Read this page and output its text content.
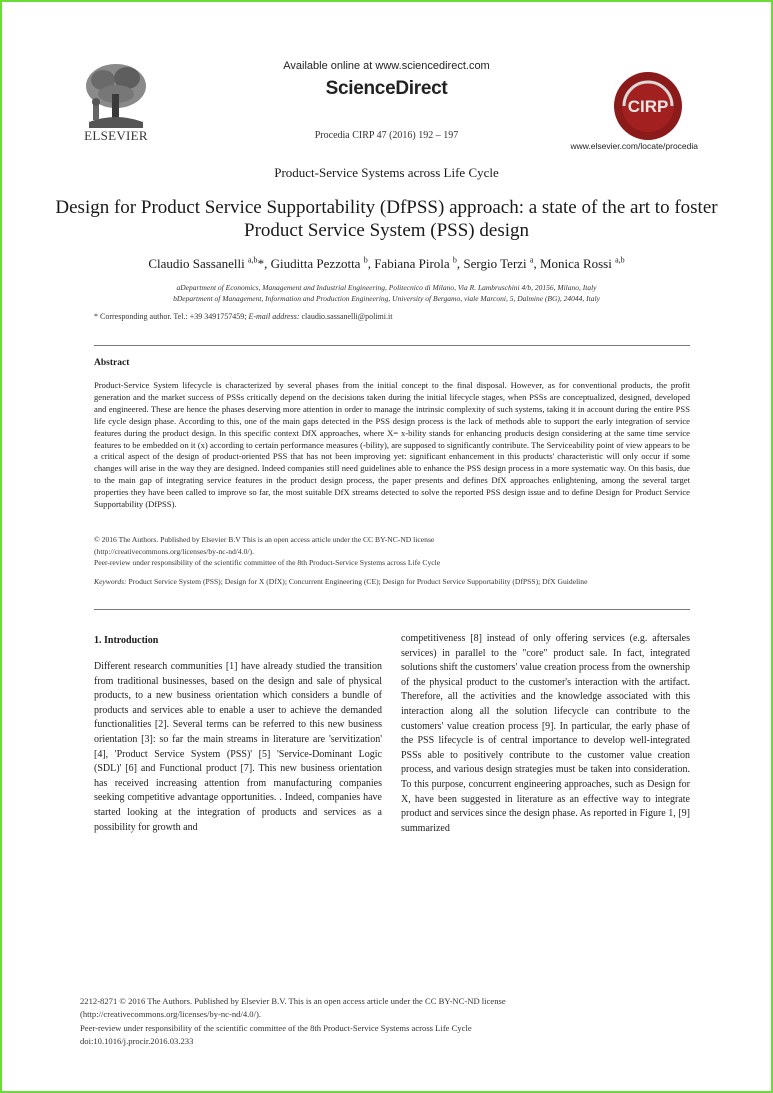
ELSEVIER
Available online at www.sciencedirect.com
ScienceDirect
Procedia CIRP 47 (2016) 192 – 197
CIRP
www.elsevier.com/locate/procedia
Product-Service Systems across Life Cycle
Design for Product Service Supportability (DfPSS) approach: a state of the art to foster Product Service System (PSS) design
Claudio Sassanelli $^{a,b}$*, Giuditta Pezzotta $^b$, Fabiana Pirola $^b$, Sergio Terzi $^a$, Monica Rossi $^{a,b}$
aDepartment of Economics, Management and Industrial Engineering, Politecnico di Milano, Via R. Lambruschini 4/b, 20156, Milano, Italy
bDepartment of Management, Information and Production Engineering, University of Bergamo, viale Marconi, 5, Dalmine (BG), 24044, Italy
* Corresponding author. Tel.: +39 3491757459; E-mail address: claudio.sassanelli@polimi.it
Abstract
Product-Service System lifecycle is characterized by several phases from the initial concept to the final disposal. However, as for conventional products, the profit generation and the market success of PSSs critically depend on the decisions taken during the initial lifecycle stages, when PSSs are conceptualized, designed, developed and engineered. These are hence the phases deserving more attention in order to manage the intrinsic complexity of such systems, taking it in account during the entire PSS life cycle design phase. According to this, one of the main gaps detected in the PSS design process is the lack of methods able to support the early integration of service features during the product design. In this specific context DfX approaches, where X= x-bility stands for enhancing products design considering at the same time service features to be embedded on it (x) according to certain performance measures (-bility), are supposed to significantly contribute. The Serviceability point of view appears to be a critical aspect of the design of product-oriented PSS that has not been improving yet: significant enhancement in this products' characteristic will only occur if some changes will arise in the way they are designed. Indeed companies still need guidelines able to enhance the PSS design process in a more systematic way. On this basis, due to the main gap of integrating service features in the product design process, the paper presents and defines DfX approaches enlightening, among the several target properties they have been called to improve so far, the most suitable DfX streams detected to solve the reported PSS design issue and to define Design for Product Service Supportability (DfPSS).
© 2016 The Authors. Published by Elsevier B.V This is an open access article under the CC BY-NC-ND license
(http://creativecommons.org/licenses/by-nc-nd/4.0/).
Peer-review under responsibility of the scientific committee of the 8th Product-Service Systems across Life Cycle
Keywords: Product Service System (PSS); Design for X (DfX); Concurrent Engineering (CE); Design for Product Service Supportability (DfPSS); DfX Guideline
1. Introduction
Different research communities [1] have already studied the transition from traditional businesses, based on the design and sale of physical products, to a new business orientation which considers a bundle of products and services able to enable a user to achieve the demanded functionalities [2]. Several terms can be referred to this new business orientation [3]: so far the main streams in literature are 'servitization' [4], 'Product Service System (PSS)' [5] 'Service-Dominant Logic (SDL)' [6] and Functional product [7]. This new business orientation has received increasing attention from manufacturing companies seeking competitive advantage opportunities. . Indeed, companies have started looking at the integration of products and services as a possibility for growth and
competitiveness [8] instead of only offering services (e.g. aftersales services) in parallel to the "core" product sale. In fact, integrated solutions shift the customers' value creation process from the ownership of the physical product to the customer's interaction with the artifact. Therefore, all the activities and the knowledge associated with this interaction along all the solution lifecycle can contribute to the customers' value creation process [9]. In particular, the early phase of the PSS lifecycle is of central importance to develop well-integrated PSSs able to positively contribute to the customer value creation process, and various design strategies must be taken into consideration. To this purpose, concurrent engineering approaches, such as Design for X, have been suggested in literature as an effective way to integrate product and services since the design phase. As reported in Figure 1, [9] summarized
2212-8271 © 2016 The Authors. Published by Elsevier B.V. This is an open access article under the CC BY-NC-ND license
(http://creativecommons.org/licenses/by-nc-nd/4.0/).
Peer-review under responsibility of the scientific committee of the 8th Product-Service Systems across Life Cycle
doi:10.1016/j.procir.2016.03.233
